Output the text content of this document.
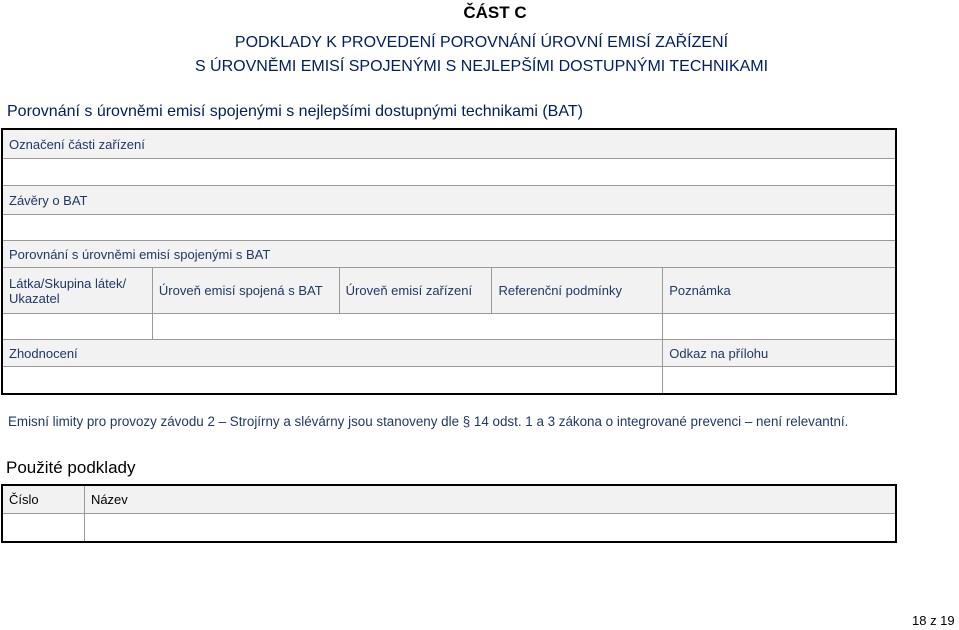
ČÁST C
PODKLADY K PROVEDENÍ POROVNÁNÍ ÚROVNÍ EMISÍ ZAŘÍZENÍ
S ÚROVNĚMI EMISÍ SPOJENÝMI S NEJLEPŠÍMI DOSTUPNÝMI TECHNIKAMI
Porovnání s úrovněmi emisí spojenými s nejlepšími dostupnými technikami (BAT)
Označení části zařízení				

Závěry o BAT				

Porovnání s úrovněmi emisí spojenými s BAT				
Látka/Skupina látek/ Ukazatel	Úroveň emisí spojená s BAT	Úroveň emisí zařízení	Referenční podmínky	Poznámka

Zhodnocení				Odkaz na přílohu

Emisní limity pro provozy závodu 2 – Strojírny a slévárny jsou stanoveny dle § 14 odst. 1 a 3 zákona o integrované prevenci – není relevantní.
Použité podklady
Číslo	Název

18 z 19
